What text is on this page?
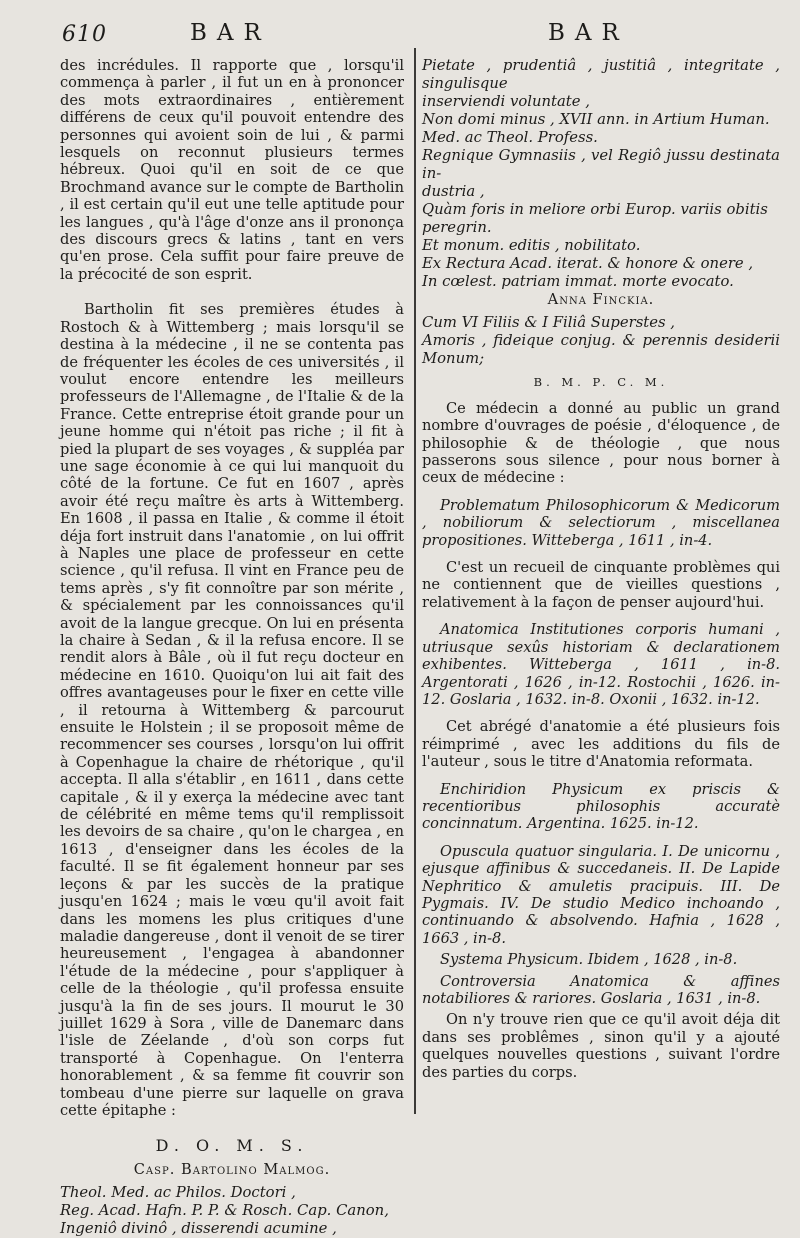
610	BAR	BAR

des incrédules. Il rapporte que , lorsqu'il commença à parler , il fut un en à prononcer des mots extraordinaires , entièrement différens de ceux qu'il pouvoit entendre des personnes qui avoient soin de lui , & parmi lesquels on reconnut plusieurs termes hébreux. Quoi qu'il en soit de ce que Brochmand avance sur le compte de Bartholin , il est certain qu'il eut une telle aptitude pour les langues , qu'à l'âge d'onze ans il prononça des discours grecs & latins , tant en vers qu'en prose. Cela suffit pour faire preuve de la précocité de son esprit.

Bartholin fit ses premières études à Rostoch & à Wittemberg ; mais lorsqu'il se destina à la médecine , il ne se contenta pas de fréquenter les écoles de ces universités , il voulut encore entendre les meilleurs professeurs de l'Allemagne , de l'Italie & de la France. Cette entreprise étoit grande pour un jeune homme qui n'étoit pas riche ; il fit à pied la plupart de ses voyages , & suppléa par une sage économie à ce qui lui manquoit du côté de la fortune. Ce fut en 1607 , après avoir été reçu maître ès arts à Wittemberg. En 1608 , il passa en Italie , & comme il étoit déja fort instruit dans l'anatomie , on lui offrit à Naples une place de professeur en cette science , qu'il refusa. Il vint en France peu de tems après , s'y fit connoître par son mérite , & spécialement par les connoissances qu'il avoit de la langue grecque. On lui en présenta la chaire à Sedan , & il la refusa encore. Il se rendit alors à Bâle , où il fut reçu docteur en médecine en 1610. Quoiqu'on lui ait fait des offres avantageuses pour le fixer en cette ville , il retourna à Wittemberg & parcourut ensuite le Holstein ; il se proposoit même de recommencer ses courses , lorsqu'on lui offrit à Copenhague la chaire de rhétorique , qu'il accepta. Il alla s'établir , en 1611 , dans cette capitale , & il y exerça la médecine avec tant de célébrité en même tems qu'il remplissoit les devoirs de sa chaire , qu'on le chargea , en 1613 , d'enseigner dans les écoles de la faculté. Il se fit également honneur par ses leçons & par les succès de la pratique jusqu'en 1624 ; mais le vœu qu'il avoit fait dans les momens les plus critiques d'une maladie dangereuse , dont il venoit de se tirer heureusement , l'engagea à abandonner l'étude de la médecine , pour s'appliquer à celle de la théologie , qu'il professa ensuite jusqu'à la fin de ses jours. Il mourut le 30 juillet 1629 à Sora , ville de Danemarc dans l'isle de Zéelande , d'où son corps fut transporté à Copenhague. On l'enterra honorablement , & sa femme fit couvrir son tombeau d'une pierre sur laquelle on grava cette épitaphe :

D. O. M. S.

Casp. Bartolino Malmog.

Theol. Med. ac Philos. Doctori ,

Reg. Acad. Hafn. P. P. & Rosch. Cap. Canon,

Ingeniô divinô , disserendi acumine ,

Pietate , prudentiâ , justitiâ , integritate , singulisque
inserviendi voluntate ,

Non domi minus , XVII ann. in Artium Human.
Med. ac Theol. Profess.

Regnique Gymnasiis , vel Regiô jussu destinata in-
dustria ,

Quàm foris in meliore orbi Europ. variis obitis
peregrin.

Et monum. editis , nobilitato.

Ex Rectura Acad. iterat. & honore & onere ,

In cœlest. patriam immat. morte evocato.

Anna Finckia.

Cum VI Filiis & I Filiâ Superstes ,

Amoris , fideique conjug. & perennis desiderii Monum;

B. M. P. C. M.

Ce médecin a donné au public un grand nombre d'ouvrages de poésie , d'éloquence , de philosophie & de théologie , que nous passerons sous silence , pour nous borner à ceux de médecine :

Problematum Philosophicorum & Medicorum , nobiliorum & selectiorum , miscellanea propositiones. Witteberga , 1611 , in-4.

C'est un recueil de cinquante problèmes qui ne contiennent que de vieilles questions , relativement à la façon de penser aujourd'hui.

Anatomica Institutiones corporis humani , utriusque sexûs historiam & declarationem exhibentes. Witteberga , 1611 , in-8. Argentorati , 1626 , in-12. Rostochii , 1626. in-12. Goslaria , 1632. in-8. Oxonii , 1632. in-12.

Cet abrégé d'anatomie a été plusieurs fois réimprimé , avec les additions du fils de l'auteur , sous le titre d'Anatomia reformata.

Enchiridion Physicum ex priscis & recentioribus philosophis accuratè concinnatum. Argentina. 1625. in-12.

Opuscula quatuor singularia. I. De unicornu , ejusque affinibus & succedaneis. II. De Lapide Nephritico & amuletis pracipuis. III. De Pygmais. IV. De studio Medico inchoando , continuando & absolvendo. Hafnia , 1628 , 1663 , in-8.

Systema Physicum. Ibidem , 1628 , in-8.

Controversia Anatomica & affines notabiliores & rariores. Goslaria , 1631 , in-8.

On n'y trouve rien que ce qu'il avoit déja dit dans ses problêmes , sinon qu'il y a ajouté quelques nouvelles questions , suivant l'ordre des parties du corps.
